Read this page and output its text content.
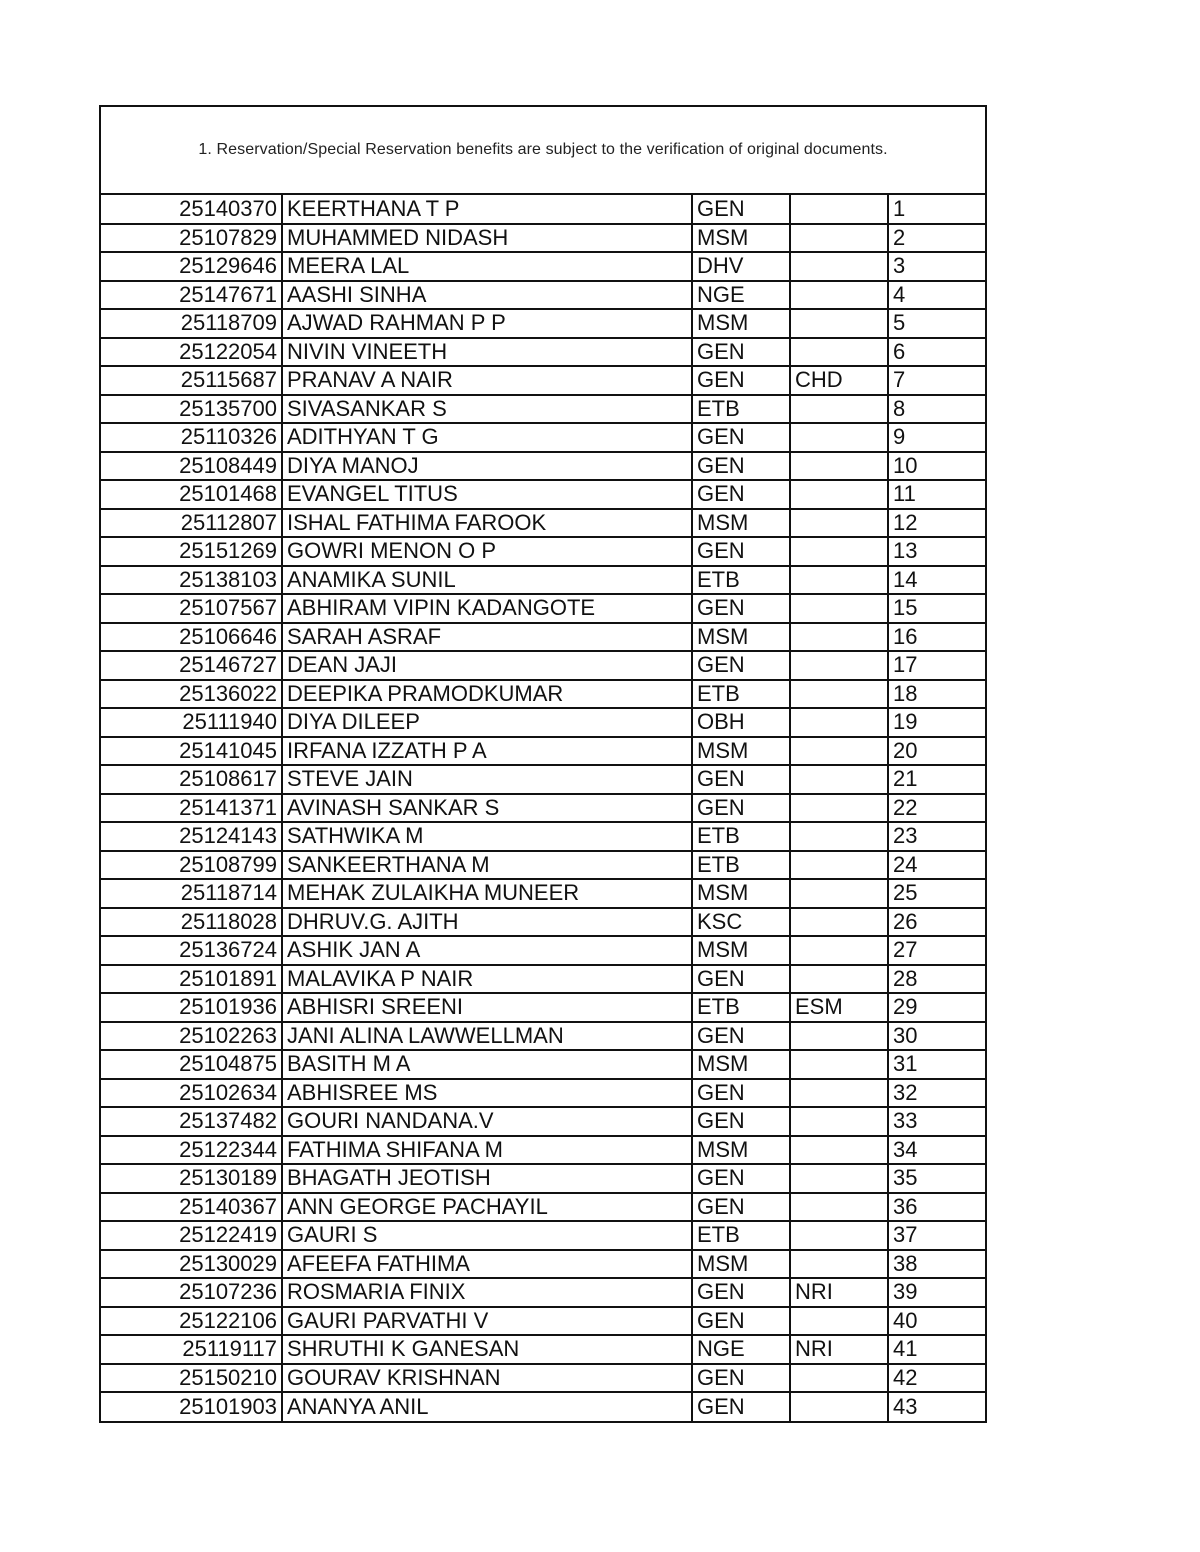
1. Reservation/Special Reservation benefits are subject to the verification of original documents.
25140370	KEERTHANA T P	GEN		1
25107829	MUHAMMED NIDASH	MSM		2
25129646	MEERA LAL	DHV		3
25147671	AASHI SINHA	NGE		4
25118709	AJWAD RAHMAN P P	MSM		5
25122054	NIVIN VINEETH	GEN		6
25115687	PRANAV A NAIR	GEN	CHD	7
25135700	SIVASANKAR S	ETB		8
25110326	ADITHYAN T G	GEN		9
25108449	DIYA MANOJ	GEN		10
25101468	EVANGEL TITUS	GEN		11
25112807	ISHAL FATHIMA FAROOK	MSM		12
25151269	GOWRI MENON O P	GEN		13
25138103	ANAMIKA SUNIL	ETB		14
25107567	ABHIRAM VIPIN KADANGOTE	GEN		15
25106646	SARAH ASRAF	MSM		16
25146727	DEAN JAJI	GEN		17
25136022	DEEPIKA PRAMODKUMAR	ETB		18
25111940	DIYA DILEEP	OBH		19
25141045	IRFANA IZZATH P A	MSM		20
25108617	STEVE JAIN	GEN		21
25141371	AVINASH SANKAR S	GEN		22
25124143	SATHWIKA M	ETB		23
25108799	SANKEERTHANA M	ETB		24
25118714	MEHAK ZULAIKHA MUNEER	MSM		25
25118028	DHRUV.G. AJITH	KSC		26
25136724	ASHIK JAN A	MSM		27
25101891	MALAVIKA P NAIR	GEN		28
25101936	ABHISRI SREENI	ETB	ESM	29
25102263	JANI ALINA LAWWELLMAN	GEN		30
25104875	BASITH M A	MSM		31
25102634	ABHISREE MS	GEN		32
25137482	GOURI NANDANA.V	GEN		33
25122344	FATHIMA SHIFANA M	MSM		34
25130189	BHAGATH JEOTISH	GEN		35
25140367	ANN GEORGE PACHAYIL	GEN		36
25122419	GAURI S	ETB		37
25130029	AFEEFA FATHIMA	MSM		38
25107236	ROSMARIA FINIX	GEN	NRI	39
25122106	GAURI PARVATHI V	GEN		40
25119117	SHRUTHI K GANESAN	NGE	NRI	41
25150210	GOURAV KRISHNAN	GEN		42
25101903	ANANYA ANIL	GEN		43
